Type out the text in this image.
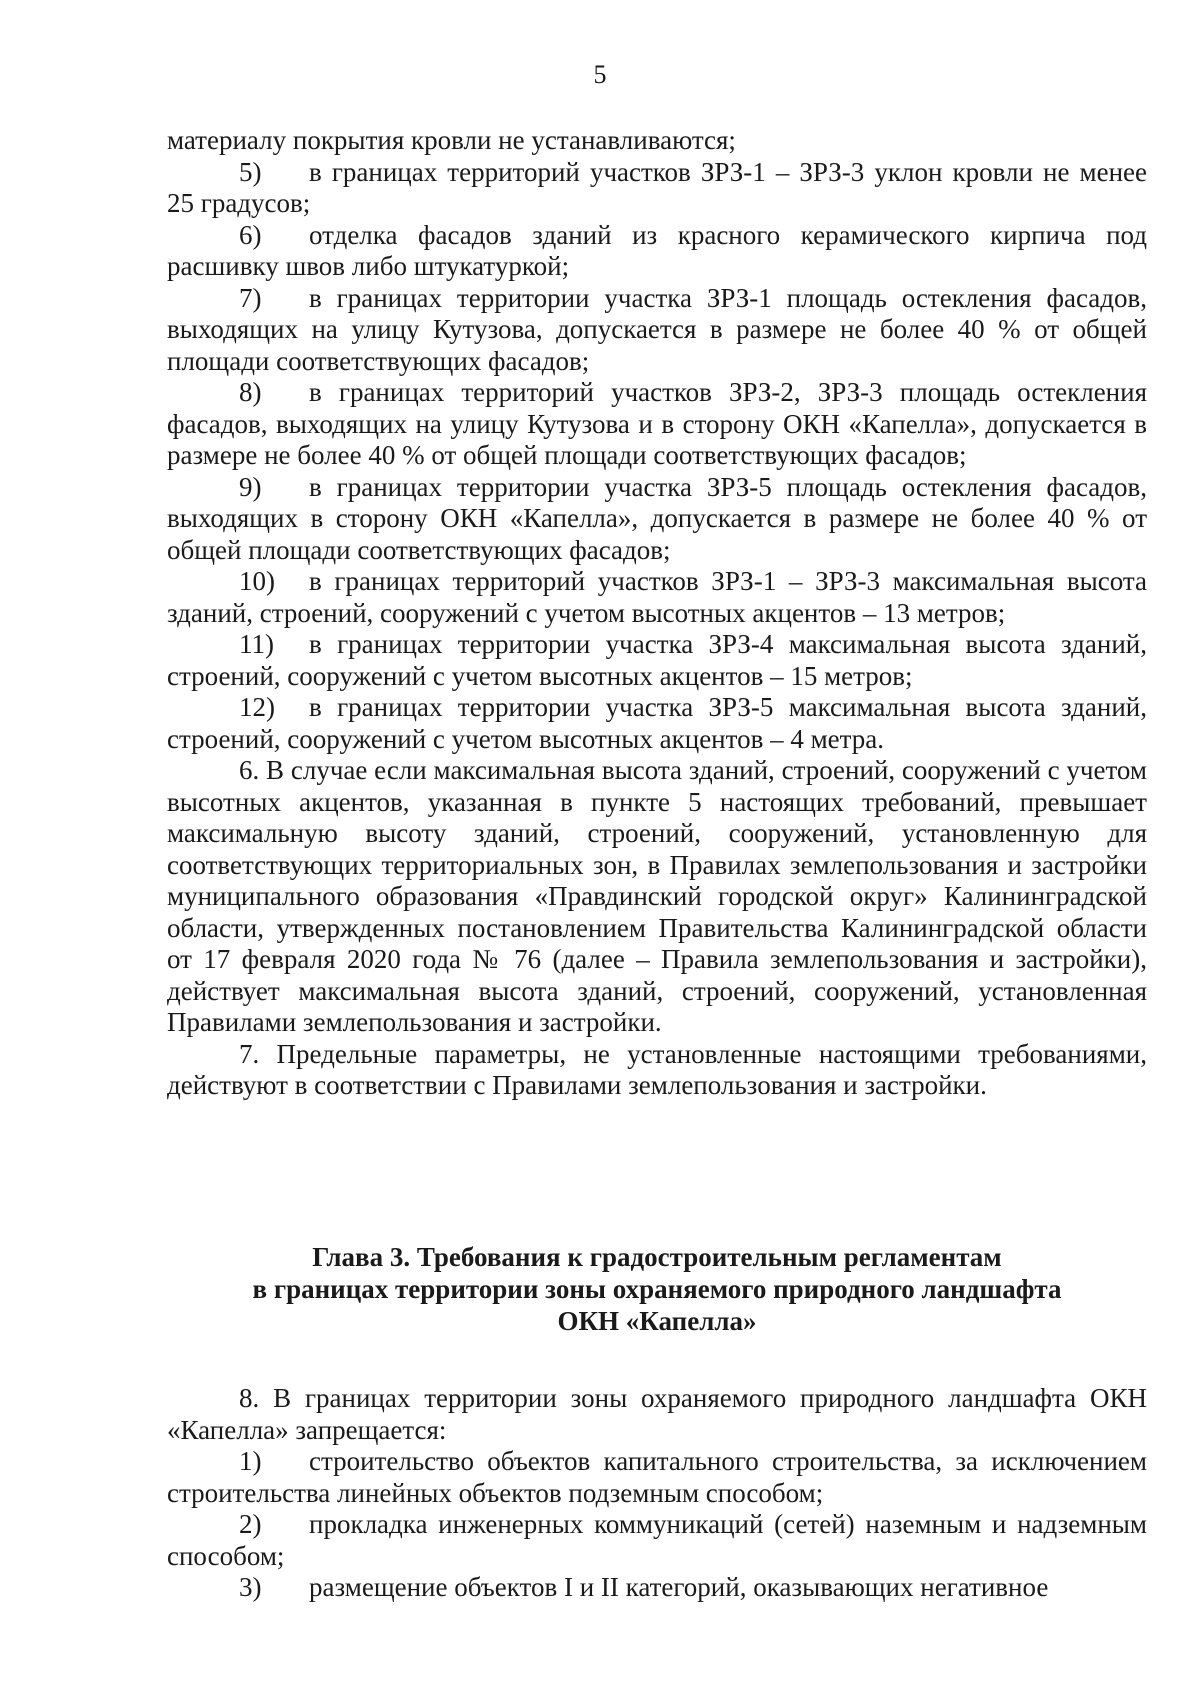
5

материалу покрытия кровли не устанавливаются;

5) в границах территорий участков ЗРЗ-1 – ЗРЗ-3 уклон кровли не менее 25 градусов;

6) отделка фасадов зданий из красного керамического кирпича под расшивку швов либо штукатуркой;

7) в границах территории участка ЗРЗ-1 площадь остекления фасадов, выходящих на улицу Кутузова, допускается в размере не более 40 % от общей площади соответствующих фасадов;

8) в границах территорий участков ЗРЗ-2, ЗРЗ-3 площадь остекления фасадов, выходящих на улицу Кутузова и в сторону ОКН «Капелла», допускается в размере не более 40 % от общей площади соответствующих фасадов;

9) в границах территории участка ЗРЗ-5 площадь остекления фасадов, выходящих в сторону ОКН «Капелла», допускается в размере не более 40 % от общей площади соответствующих фасадов;

10) в границах территорий участков ЗРЗ-1 – ЗРЗ-3 максимальная высота зданий, строений, сооружений с учетом высотных акцентов – 13 метров;

11) в границах территории участка ЗРЗ-4 максимальная высота зданий, строений, сооружений с учетом высотных акцентов – 15 метров;

12) в границах территории участка ЗРЗ-5 максимальная высота зданий, строений, сооружений с учетом высотных акцентов – 4 метра.

6. В случае если максимальная высота зданий, строений, сооружений с учетом высотных акцентов, указанная в пункте 5 настоящих требований, превышает максимальную высоту зданий, строений, сооружений, установленную для соответствующих территориальных зон, в Правилах землепользования и застройки муниципального образования «Правдинский городской округ» Калининградской области, утвержденных постановлением Правительства Калининградской области от 17 февраля 2020 года № 76 (далее – Правила землепользования и застройки), действует максимальная высота зданий, строений, сооружений, установленная Правилами землепользования и застройки.

7. Предельные параметры, не установленные настоящими требованиями, действуют в соответствии с Правилами землепользования и застройки.

Глава 3. Требования к градостроительным регламентам
в границах территории зоны охраняемого природного ландшафта
ОКН «Капелла»

8. В границах территории зоны охраняемого природного ландшафта ОКН «Капелла» запрещается:

1) строительство объектов капитального строительства, за исключением строительства линейных объектов подземным способом;

2) прокладка инженерных коммуникаций (сетей) наземным и надземным способом;

3) размещение объектов I и II категорий, оказывающих негативное
